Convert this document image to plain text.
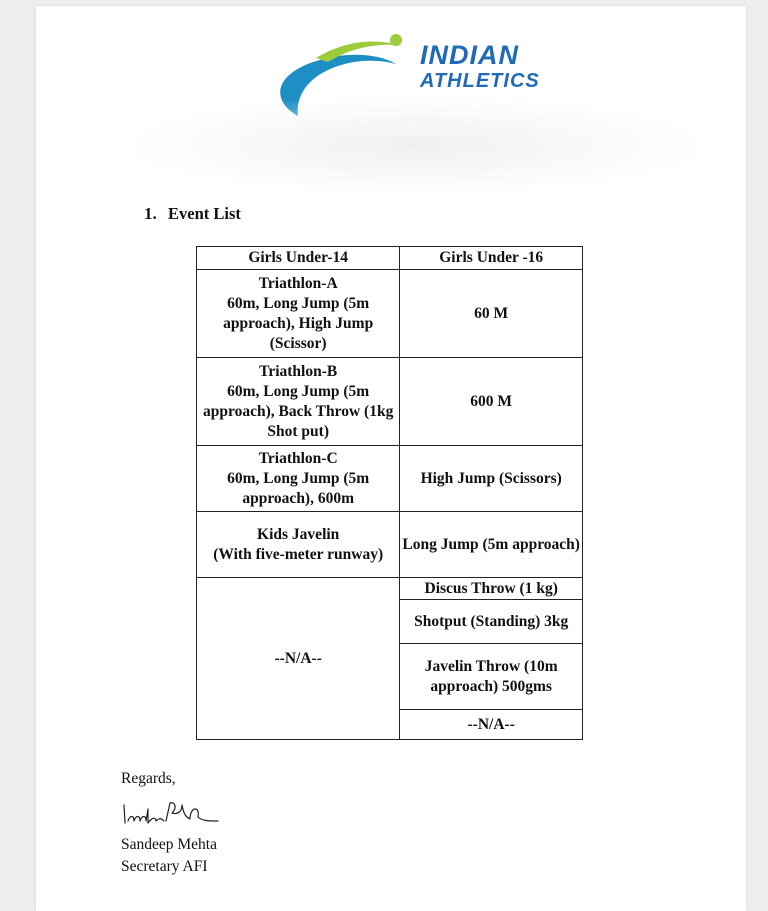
INDIAN
ATHLETICS
1. Event List
Girls Under-14	Girls Under -16

Triathlon-A
60m, Long Jump (5m approach), High Jump (Scissor)	60 M

Triathlon-B
60m, Long Jump (5m approach), Back Throw (1kg Shot put)	600 M

Triathlon-C
60m, Long Jump (5m approach), 600m	High Jump (Scissors)

Kids Javelin
(With five-meter runway)	Long Jump (5m approach)
--N/A--	Discus Throw (1 kg)
	Shotput (Standing) 3kg
	Javelin Throw (10m approach) 500gms
	--N/A--
Regards,
Sandeep Mehta
Secretary AFI
